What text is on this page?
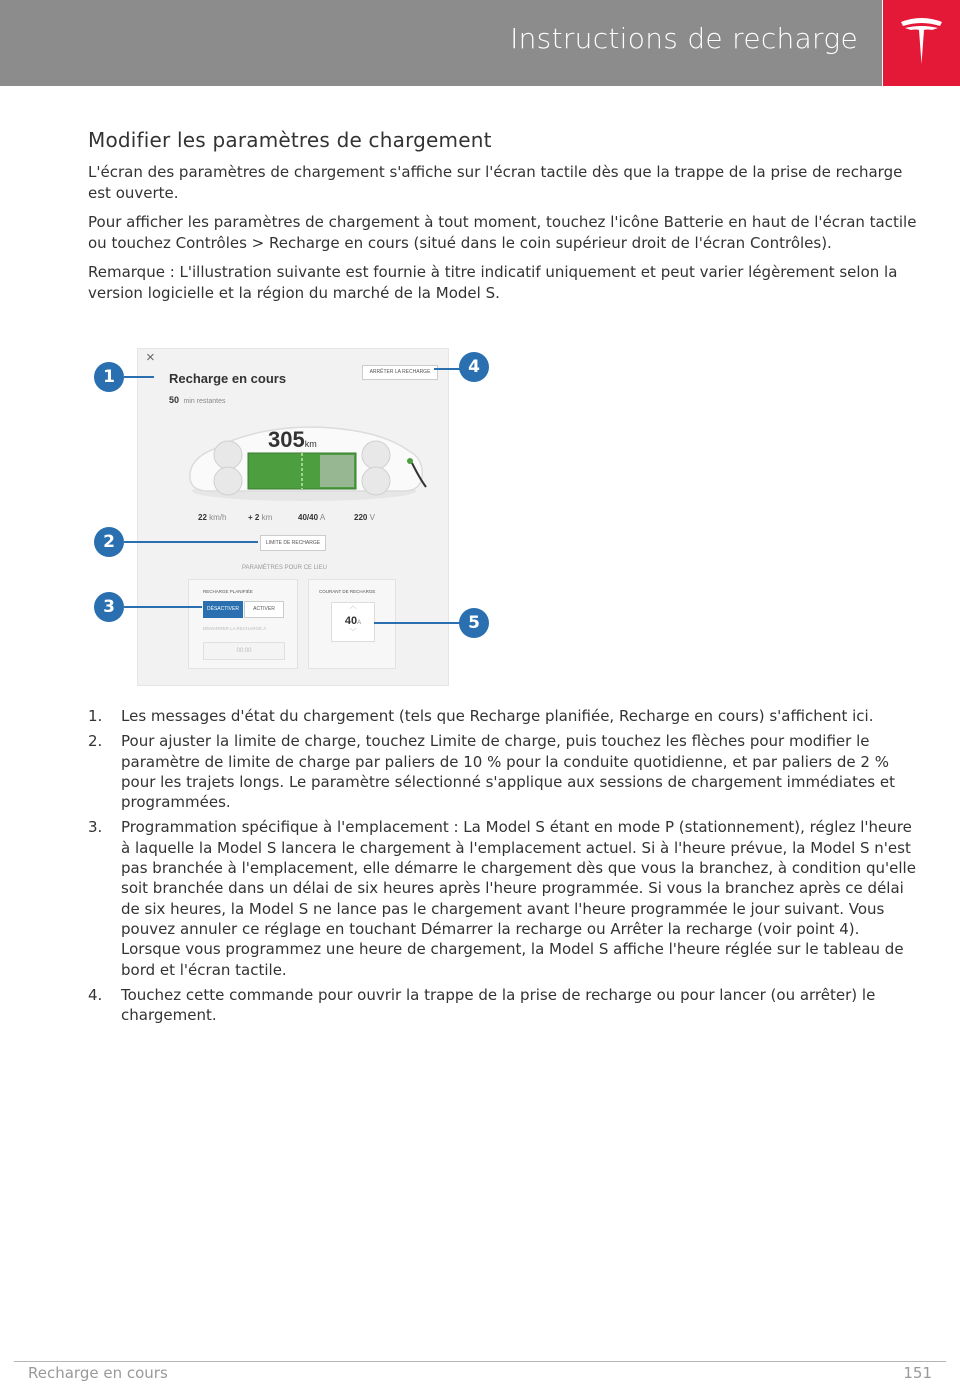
Instructions de recharge
Modifier les paramètres de chargement

L'écran des paramètres de chargement s'affiche sur l'écran tactile dès que la trappe de la prise de recharge est ouverte.

Pour afficher les paramètres de chargement à tout moment, touchez l'icône Batterie en haut de l'écran tactile ou touchez Contrôles > Recharge en cours (situé dans le coin supérieur droit de l'écran Contrôles).

Remarque : L'illustration suivante est fournie à titre indicatif uniquement et peut varier légèrement selon la version logicielle et la région du marché de la Model S.

×
Recharge en cours
50 min restantes
ARRÊTER LA RECHARGE
305km
22 km/h	+ 2 km	40/40 A	220 V
LIMITE DE RECHARGE
PARAMÈTRES POUR CE LIEU
RECHARGE PLANIFIÉE
DÉSACTIVER	ACTIVER
DÉMARRER LA RECHARGE À
00:00
COURANT DE RECHARGE
︿
40A
﹀
1
2
3
4
5
1. Les messages d'état du chargement (tels que Recharge planifiée, Recharge en cours) s'affichent ici.
2. Pour ajuster la limite de charge, touchez Limite de charge, puis touchez les flèches pour modifier le paramètre de limite de charge par paliers de 10 % pour la conduite quotidienne, et par paliers de 2 % pour les trajets longs. Le paramètre sélectionné s'applique aux sessions de chargement immédiates et programmées.
3. Programmation spécifique à l'emplacement : La Model S étant en mode P (stationnement), réglez l'heure à laquelle la Model S lancera le chargement à l'emplacement actuel. Si à l'heure prévue, la Model S n'est pas branchée à l'emplacement, elle démarre le chargement dès que vous la branchez, à condition qu'elle soit branchée dans un délai de six heures après l'heure programmée. Si vous la branchez après ce délai de six heures, la Model S ne lance pas le chargement avant l'heure programmée le jour suivant. Vous pouvez annuler ce réglage en touchant Démarrer la recharge ou Arrêter la recharge (voir point 4). Lorsque vous programmez une heure de chargement, la Model S affiche l'heure réglée sur le tableau de bord et l'écran tactile.
4. Touchez cette commande pour ouvrir la trappe de la prise de recharge ou pour lancer (ou arrêter) le chargement.
Recharge en cours	151
